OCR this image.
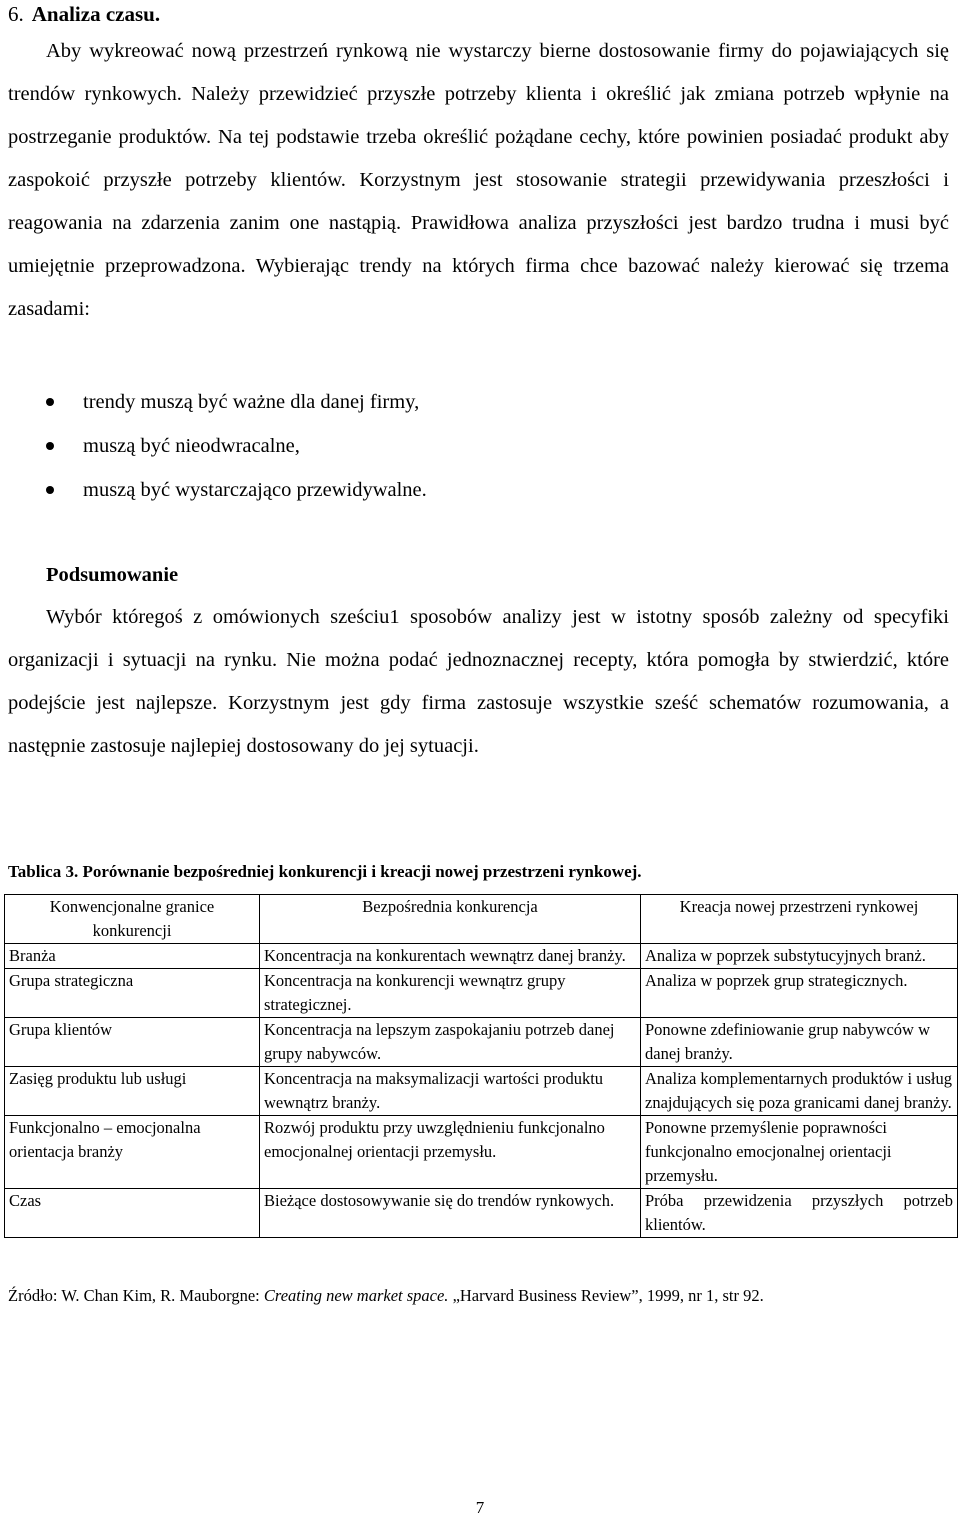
6. Analiza czasu.
Aby wykreować nową przestrzeń rynkową nie wystarczy bierne dostosowanie firmy do pojawiających się trendów rynkowych. Należy przewidzieć przyszłe potrzeby klienta i określić jak zmiana potrzeb wpłynie na postrzeganie produktów. Na tej podstawie trzeba określić pożądane cechy, które powinien posiadać produkt aby zaspokoić przyszłe potrzeby klientów. Korzystnym jest stosowanie strategii przewidywania przeszłości i reagowania na zdarzenia zanim one nastąpią. Prawidłowa analiza przyszłości jest bardzo trudna i musi być umiejętnie przeprowadzona. Wybierając trendy na których firma chce bazować należy kierować się trzema zasadami:
trendy muszą być ważne dla danej firmy,
muszą być nieodwracalne,
muszą być wystarczająco przewidywalne.
Podsumowanie
Wybór któregoś z omówionych sześciu1 sposobów analizy jest w istotny sposób zależny od specyfiki organizacji i sytuacji na rynku. Nie można podać jednoznacznej recepty, która pomogła by stwierdzić, które podejście jest najlepsze. Korzystnym jest gdy firma zastosuje wszystkie sześć schematów rozumowania, a następnie zastosuje najlepiej dostosowany do jej sytuacji.
Tablica 3. Porównanie bezpośredniej konkurencji i kreacji nowej przestrzeni rynkowej.
Konwencjonalne granice konkurencji	Bezpośrednia konkurencja	Kreacja nowej przestrzeni rynkowej
Branża	Koncentracja na konkurentach wewnątrz danej branży.	Analiza w poprzek substytucyjnych branż.
Grupa strategiczna	Koncentracja na konkurencji wewnątrz grupy strategicznej.	Analiza w poprzek grup strategicznych.
Grupa klientów	Koncentracja na lepszym zaspokajaniu potrzeb danej grupy nabywców.	Ponowne zdefiniowanie grup nabywców w danej branży.
Zasięg produktu lub usługi	Koncentracja na maksymalizacji wartości produktu wewnątrz branży.	Analiza komplementarnych produktów i usług znajdujących się poza granicami danej branży.
Funkcjonalno – emocjonalna orientacja branży	Rozwój produktu przy uwzględnieniu funkcjonalno emocjonalnej orientacji przemysłu.	Ponowne przemyślenie poprawności funkcjonalno emocjonalnej orientacji przemysłu.
Czas	Bieżące dostosowywanie się do trendów rynkowych.	Próba przewidzenia przyszłych potrzeb klientów.
Źródło: W. Chan Kim, R. Mauborgne: Creating new market space. „Harvard Business Review”, 1999, nr 1, str 92.
7
